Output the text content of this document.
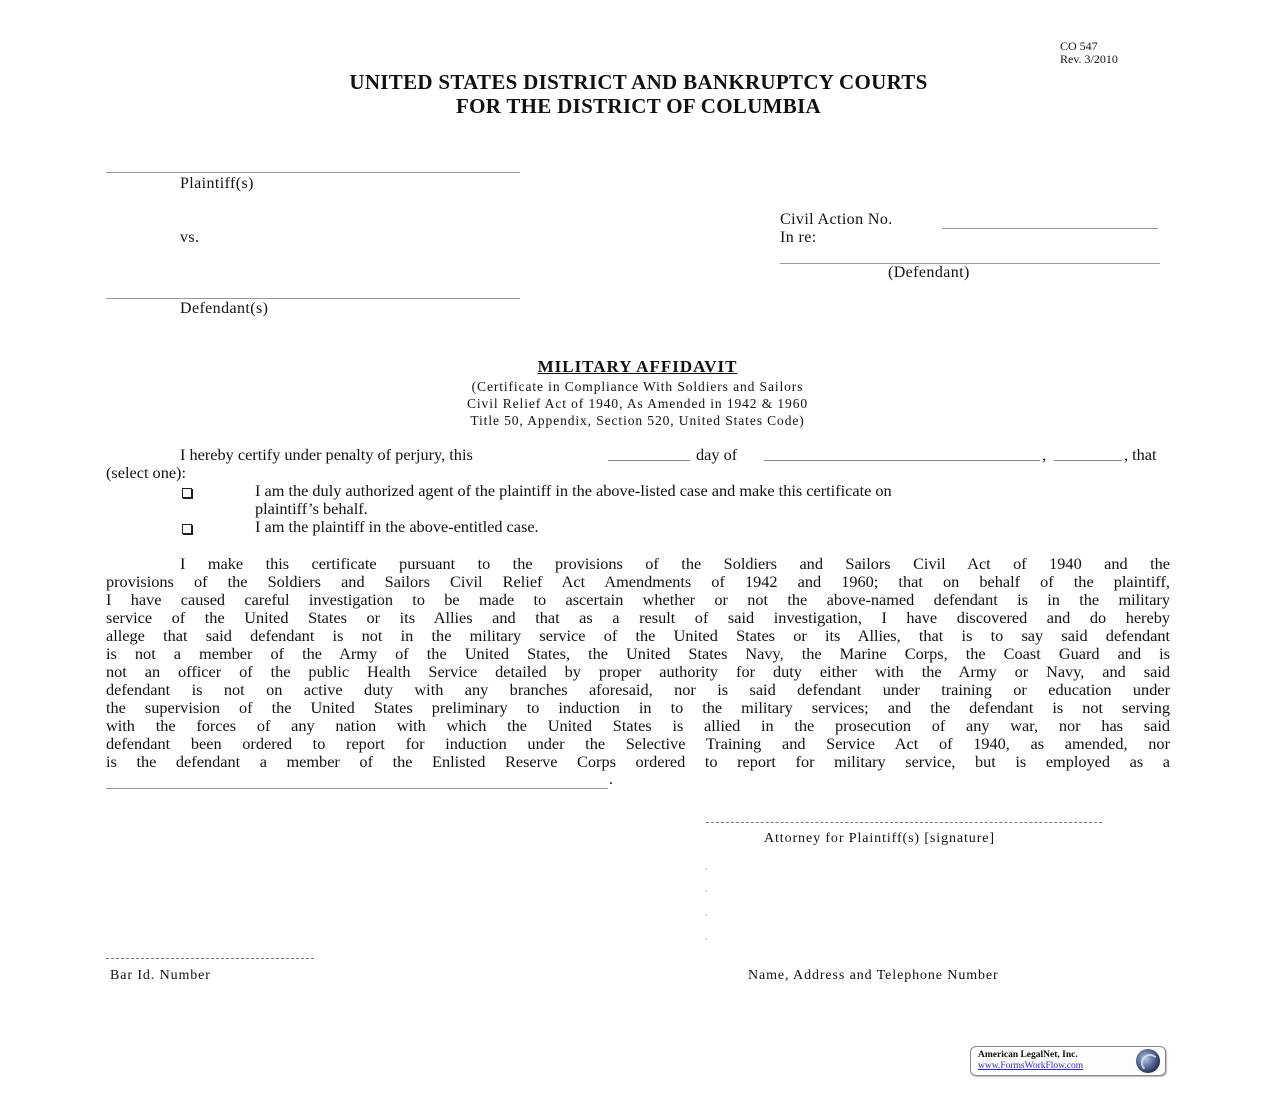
CO 547
Rev. 3/2010
UNITED STATES DISTRICT AND BANKRUPTCY COURTS
FOR THE DISTRICT OF COLUMBIA
Plaintiff(s)
vs.
Defendant(s)
Civil Action No.
In re:
(Defendant)
MILITARY AFFIDAVIT
(Certificate in Compliance With Soldiers and Sailors
Civil Relief Act of 1940, As Amended in 1942 & 1960
Title 50, Appendix, Section 520, United States Code)
I hereby certify under penalty of perjury, this	day of	,	, that
(select one):
I am the duly authorized agent of the plaintiff in the above-listed case and make this certificate on
plaintiff’s behalf.
I am the plaintiff in the above-entitled case.
I make this certificate pursuant to the provisions of the Soldiers and Sailors Civil Act of 1940 and the
provisions of the Soldiers and Sailors Civil Relief Act Amendments of 1942 and 1960; that on behalf of the plaintiff,
I have caused careful investigation to be made to ascertain whether or not the above-named defendant is in the military
service of the United States or its Allies and that as a result of said investigation, I have discovered and do hereby
allege that said defendant is not in the military service of the United States or its Allies, that is to say said defendant
is not a member of the Army of the United States, the United States Navy, the Marine Corps, the Coast Guard and is
not an officer of the public Health Service detailed by proper authority for duty either with the Army or Navy, and said
defendant is not on active duty with any branches aforesaid, nor is said defendant under training or education under
the supervision of the United States preliminary to induction in to the military services; and the defendant is not serving
with the forces of any nation with which the United States is allied in the prosecution of any war, nor has said
defendant been ordered to report for induction under the Selective Training and Service Act of 1940, as amended, nor
is the defendant a member of the Enlisted Reserve Corps ordered to report for military service, but is employed as a
.
Attorney for Plaintiff(s) [signature]
Bar Id. Number	Name, Address and Telephone Number
American LegalNet, Inc.
www.FormsWorkFlow.com
